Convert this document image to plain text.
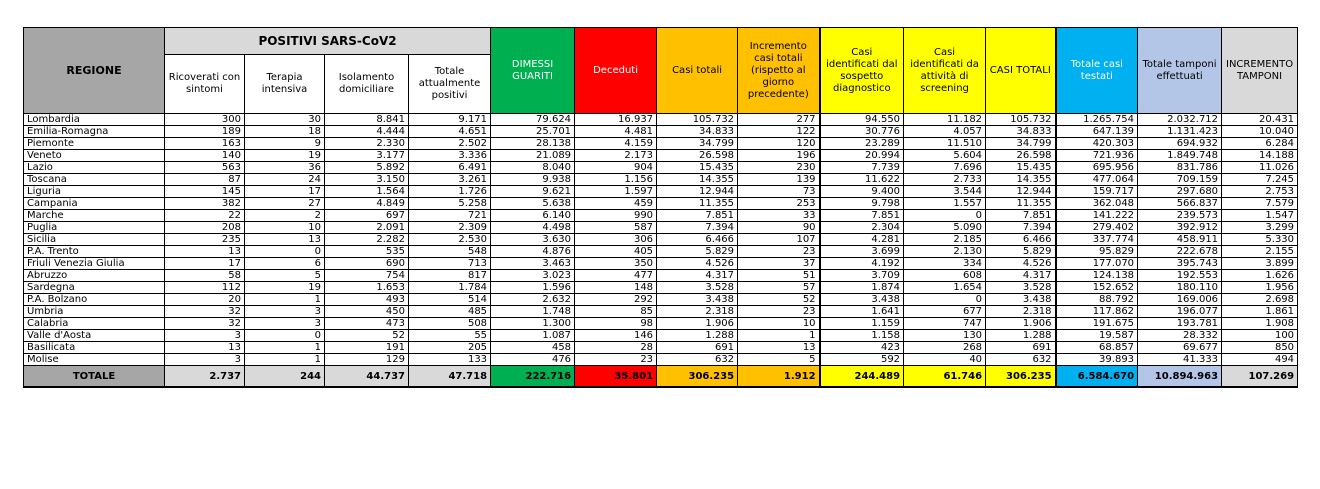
REGIONE	POSITIVI SARS-CoV2				DIMESSI GUARITI	Deceduti	Casi totali	Incremento casi totali (rispetto al giorno precedente)	Casi identificati dal sospetto diagnostico	Casi identificati da attività di screening	CASI TOTALI	Totale casi testati	Totale tamponi effettuati	INCREMENTO TAMPONI
	Ricoverati con sintomi	Terapia intensiva	Isolamento domiciliare	Totale attualmente positivi										
Lombardia	300	30	8.841	9.171	79.624	16.937	105.732	277	94.550	11.182	105.732	1.265.754	2.032.712	20.431
Emilia-Romagna	189	18	4.444	4.651	25.701	4.481	34.833	122	30.776	4.057	34.833	647.139	1.131.423	10.040
Piemonte	163	9	2.330	2.502	28.138	4.159	34.799	120	23.289	11.510	34.799	420.303	694.932	6.284
Veneto	140	19	3.177	3.336	21.089	2.173	26.598	196	20.994	5.604	26.598	721.936	1.849.748	14.188
Lazio	563	36	5.892	6.491	8.040	904	15.435	230	7.739	7.696	15.435	695.956	831.786	11.026
Toscana	87	24	3.150	3.261	9.938	1.156	14.355	139	11.622	2.733	14.355	477.064	709.159	7.245
Liguria	145	17	1.564	1.726	9.621	1.597	12.944	73	9.400	3.544	12.944	159.717	297.680	2.753
Campania	382	27	4.849	5.258	5.638	459	11.355	253	9.798	1.557	11.355	362.048	566.837	7.579
Marche	22	2	697	721	6.140	990	7.851	33	7.851	0	7.851	141.222	239.573	1.547
Puglia	208	10	2.091	2.309	4.498	587	7.394	90	2.304	5.090	7.394	279.402	392.912	3.299
Sicilia	235	13	2.282	2.530	3.630	306	6.466	107	4.281	2.185	6.466	337.774	458.911	5.330
P.A. Trento	13	0	535	548	4.876	405	5.829	23	3.699	2.130	5.829	95.829	222.678	2.155
Friuli Venezia Giulia	17	6	690	713	3.463	350	4.526	37	4.192	334	4.526	177.070	395.743	3.899
Abruzzo	58	5	754	817	3.023	477	4.317	51	3.709	608	4.317	124.138	192.553	1.626
Sardegna	112	19	1.653	1.784	1.596	148	3.528	57	1.874	1.654	3.528	152.652	180.110	1.956
P.A. Bolzano	20	1	493	514	2.632	292	3.438	52	3.438	0	3.438	88.792	169.006	2.698
Umbria	32	3	450	485	1.748	85	2.318	23	1.641	677	2.318	117.862	196.077	1.861
Calabria	32	3	473	508	1.300	98	1.906	10	1.159	747	1.906	191.675	193.781	1.908
Valle d'Aosta	3	0	52	55	1.087	146	1.288	1	1.158	130	1.288	19.587	28.332	100
Basilicata	13	1	191	205	458	28	691	13	423	268	691	68.857	69.677	850
Molise	3	1	129	133	476	23	632	5	592	40	632	39.893	41.333	494
TOTALE	2.737	244	44.737	47.718	222.716	35.801	306.235	1.912	244.489	61.746	306.235	6.584.670	10.894.963	107.269
